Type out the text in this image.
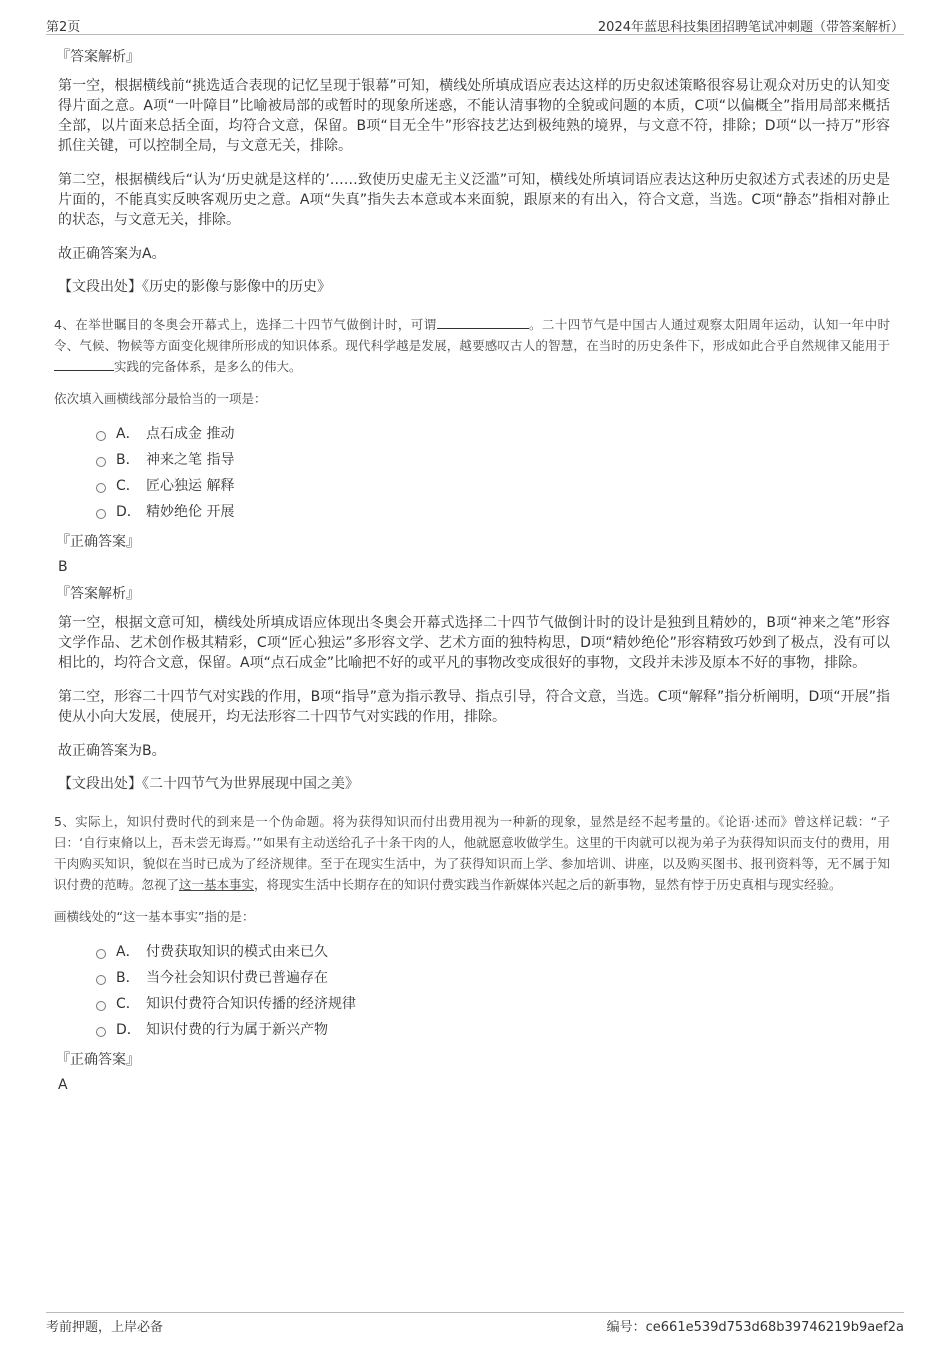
第2页	2024年蓝思科技集团招聘笔试冲刺题（带答案解析）
『答案解析』

第一空，根据横线前“挑选适合表现的记忆呈现于银幕”可知，横线处所填成语应表达这样的历史叙述策略很容易让观众对历史的认知变得片面之意。A项“一叶障目”比喻被局部的或暂时的现象所迷惑，不能认清事物的全貌或问题的本质，C项“以偏概全”指用局部来概括全部，以片面来总括全面，均符合文意，保留。B项“目无全牛”形容技艺达到极纯熟的境界，与文意不符，排除；D项“以一持万”形容抓住关键，可以控制全局，与文意无关，排除。

第二空，根据横线后“认为‘历史就是这样的’……致使历史虚无主义泛滥”可知，横线处所填词语应表达这种历史叙述方式表述的历史是片面的，不能真实反映客观历史之意。A项“失真”指失去本意或本来面貌，跟原来的有出入，符合文意，当选。C项“静态”指相对静止的状态，与文意无关，排除。

故正确答案为A。

【文段出处】《历史的影像与影像中的历史》

4、在举世瞩目的冬奥会开幕式上，选择二十四节气做倒计时，可谓	。二十四节气是中国古人通过观察太阳周年运动，认知一年中时令、气候、物候等方面变化规律所形成的知识体系。现代科学越是发展，越要感叹古人的智慧，在当时的历史条件下，形成如此合乎自然规律又能用于实践的完备体系，是多么的伟大。

依次填入画横线部分最恰当的一项是：
A． 点石成金 推动
B． 神来之笔 指导
C． 匠心独运 解释
D． 精妙绝伦 开展
『正确答案』
B
『答案解析』

第一空，根据文意可知，横线处所填成语应体现出冬奥会开幕式选择二十四节气做倒计时的设计是独到且精妙的，B项“神来之笔”形容文学作品、艺术创作极其精彩，C项“匠心独运”多形容文学、艺术方面的独特构思，D项“精妙绝伦”形容精致巧妙到了极点，没有可以相比的，均符合文意，保留。A项“点石成金”比喻把不好的或平凡的事物改变成很好的事物，文段并未涉及原本不好的事物，排除。

第二空，形容二十四节气对实践的作用，B项“指导”意为指示教导、指点引导，符合文意，当选。C项“解释”指分析阐明，D项“开展”指使从小向大发展，使展开，均无法形容二十四节气对实践的作用，排除。

故正确答案为B。

【文段出处】《二十四节气为世界展现中国之美》

5、实际上，知识付费时代的到来是一个伪命题。将为获得知识而付出费用视为一种新的现象，显然是经不起考量的。《论语·述而》曾这样记载：“子曰：‘自行束脩以上，吾未尝无诲焉。’”如果有主动送给孔子十条干肉的人，他就愿意收做学生。这里的干肉就可以视为弟子为获得知识而支付的费用，用干肉购买知识，貌似在当时已成为了经济规律。至于在现实生活中，为了获得知识而上学、参加培训、讲座，以及购买图书、报刊资料等，无不属于知识付费的范畴。忽视了这一基本事实，将现实生活中长期存在的知识付费实践当作新媒体兴起之后的新事物，显然有悖于历史真相与现实经验。

画横线处的“这一基本事实”指的是：
A． 付费获取知识的模式由来已久
B． 当今社会知识付费已普遍存在
C． 知识付费符合知识传播的经济规律
D． 知识付费的行为属于新兴产物
『正确答案』
A
考前押题，上岸必备	编号：ce661e539d753d68b39746219b9aef2a
